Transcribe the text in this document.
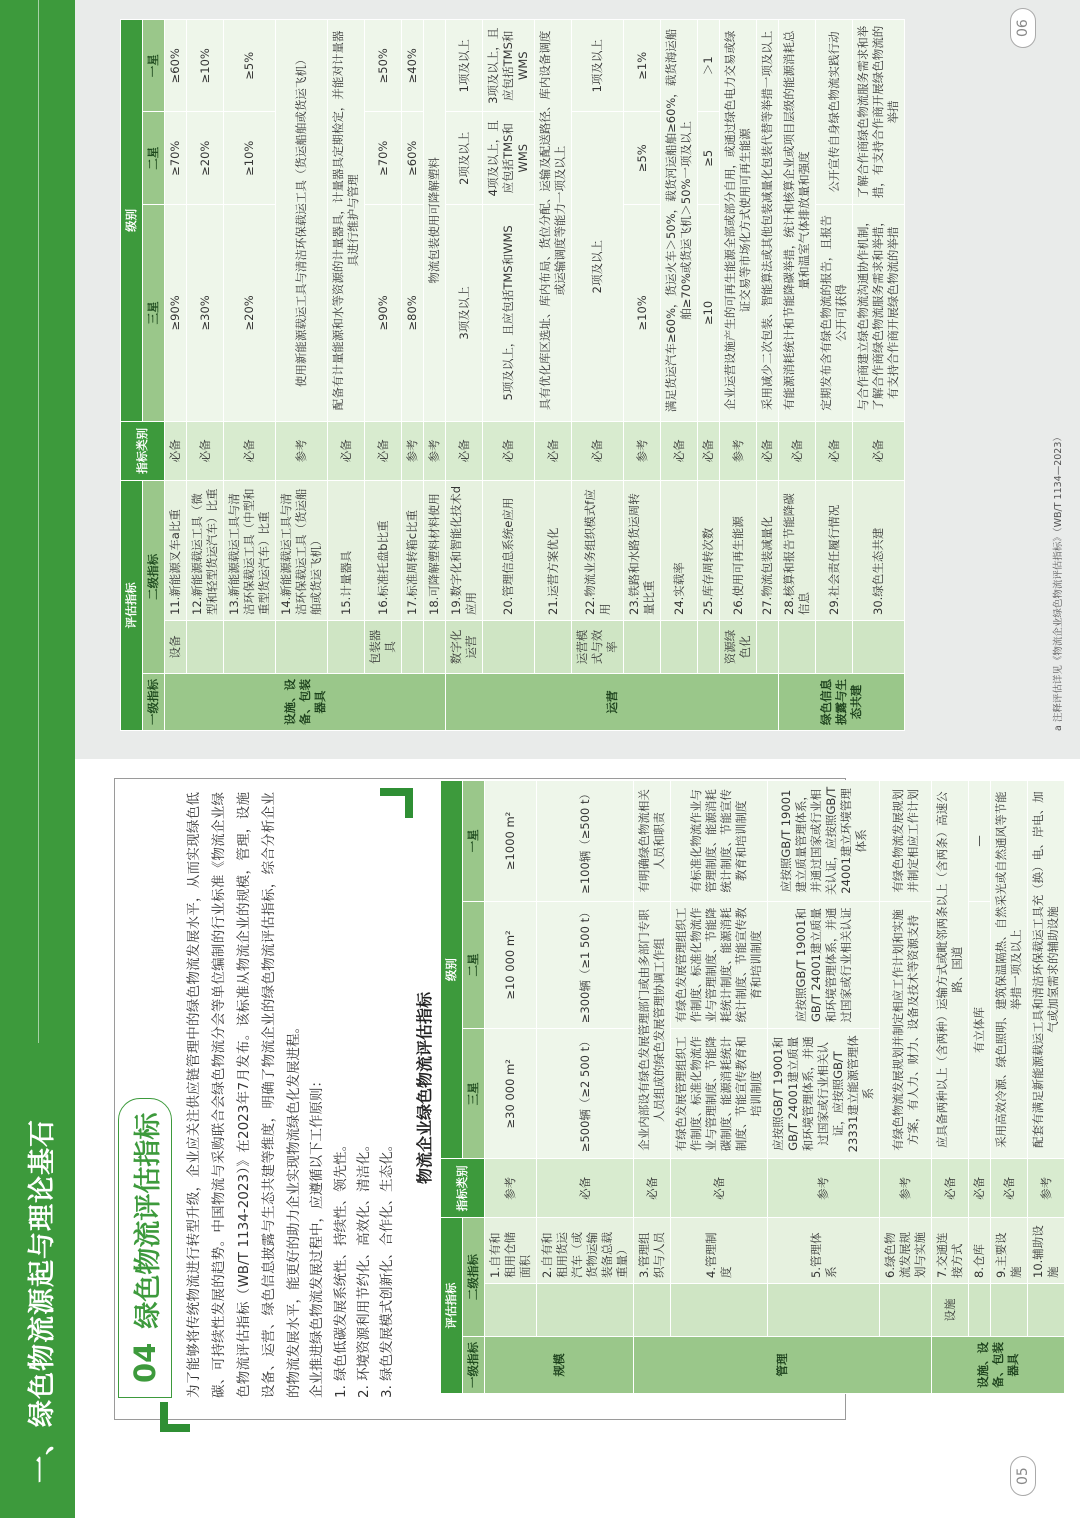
一、绿色物流源起与理论基石 04
绿色物流评估指标 为了能够将传统物流进行转型升级，企业应关注供应链管理中的绿色物流发展水平，从而实现绿色低碳、可持续性发展的趋势。中国物流与采购联合会绿色物流分会等单位编制的行业标准《物流企业绿色物流评估指标（WB/T 1134-2023）》在2023年7月发布。该标准从物流企业的规模，管理，设施设备、运营、绿色信息披露与生态共建等维度，明确了物流企业的绿色物流评估指标，综合分析企业的物流发展水平，能更好的助力企业实现物流绿色化发展进程。 企业推进绿色物流发展过程中，应遵循以下工作原则： 1. 绿色低碳发展系统性、持续性、领先性。 2. 环境资源利用节约化、高效化、清洁化。 3. 绿色发展模式创新化、合作化、生态化。
物流企业绿色物流评估指标
评估指标			指标类别	级别		
一级指标	二级指标			三星	二星	一星
规模		1.自有和租用仓储面积	参考	≥30 000 m²	≥10 000 m²	≥1000 m²
		2.自有和租用货运汽车（或货物运输装备总载重量）	必备	≥500辆（≥2 500 t）	≥300辆（≥1 500 t）	≥100辆（≥500 t）
管理		3.管理组织与人员	必备	企业内部设有绿色发展管理部门或由多部门专职人员组成的绿色发展管理协调工作组		有明确绿色物流相关人员和职责
		4.管理制度	必备	有绿色发展管理组织工作制度、标准化物流作业与管理制度、节能降碳制度、能源消耗统计制度、节能宣传教育和培训制度	有绿色发展管理组织工作制度、标准化物流作业与管理制度、节能降耗统计制度、能源消耗统计制度、节能宣传教育和培训制度	有标准化物流作业与管理制度、能源消耗统计制度、节能宣传教育和培训制度
		5.管理体系	参考	应按照GB/T 19001和GB/T 24001建立质量和环境管理体系，并通过国家或行业相关认证，应按照GB/T 23331建立能源管理体系	应按照GB/T 19001和GB/T 24001建立质量和环境管理体系，并通过国家或行业相关认证	应按照GB/T 19001建立质量管理体系，并通过国家或行业相关认证，应按照GB/T 24001建立环境管理体系
		6.绿色物流发展规划与实施	参考	有绿色物流发展规划并制定相应工作计划和实施方案，有人力、财力、设备及技术等资源支持		有绿色物流发展规划并制定相应工作计划
设施、设备、包装器具	设施	7.交通连接方式	必备	应具备两种以上（含两种）运输方式或毗邻两条以上（含两条）高速公路、国道		
		8.仓库	必备	有立体库		—
		9.主要设施	必备	采用高效冷源、绿色照明、建筑保温隔热、自然采光或自然通风等节能举措一项及以上		
		10.辅助设施	参考	配套有满足新能源载运工具和清洁环保载运工具充（换）电、岸电、加气或加氢需求的辅助设施		
评估指标			指标类别	级别		
一级指标	二级指标			三星	二星	一星
设施、设备、包装器具	设备	11.新能源叉车a比重	必备	≥90%	≥70%	≥60%
		12.新能源载运工具（微型和轻型货运汽车）比重	必备	≥30%	≥20%	≥10%
		13.新能源载运工具与清洁环保载运工具（中型和重型货运汽车）比重	必备	≥20%	≥10%	≥5%
		14.新能源载运工具与清洁环保载运工具（货运船舶或货运飞机）	参考	使用新能源载运工具与清洁环保载运工具（货运船舶或货运飞机）		
		15.计量器具	必备	配备有计量能源和水等资源的计量器具，计量器具定期检定，并能对计量器具进行维护与管理		
	包装器具	16.标准托盘b比重	必备	≥90%	≥70%	≥50%
		17.标准周转箱c比重	参考	≥80%	≥60%	≥40%
		18.可降解塑料材料使用	参考	物流包装使用可降解塑料		
运营	数字化运营	19.数字化和智能化技术d应用	必备	3项及以上	2项及以上	1项及以上
		20.管理信息系统e应用	必备	5项及以上，且应包括TMS和WMS	4项及以上，且应包括TMS和WMS	3项及以上，且应包括TMS和WMS
		21.运营方案优化	必备	具有优化库区选址、库内布局、货位分配、运输及配送路径、库内设备调度或运输调度等能力一项及以上		
	运营模式与效率	22.物流业务组织模式f应用	必备	2项及以上		1项及以上
		23.铁路和水路货运周转量比重	参考	≥10%	≥5%	≥1%
		24.实载率	必备	满足货运汽车≥60%，货运火车＞50%，载货河运船舶≥60%，载货海运船舶≥70%或货运飞机＞50%一项及以上		
		25.库存周转次数	必备	≥10	≥5	＞1
	资源绿色化	26.使用可再生能源	参考	企业运营设施产生的可再生能源全部或部分自用，或通过绿色电力交易或绿证交易等市场化方式使用可再生能源		
		27.物流包装减量化	必备	采用减少二次包装、智能算法或其他包装减量化包装代替等举措一项及以上		
绿色信息披露与生态共建		28.核算和报告节能降碳信息	必备	有能源消耗统计和节能降碳举措，统计和核算企业或项目层级的能源消耗总量和温室气体排放量和强度		
		29.社会责任履行情况	必备	定期发布含有绿色物流的报告，且报告公开可获得	公开宣传自身绿色物流实践行动	
		30.绿色生态共建	必备	与合作商建立绿色物流沟通协作机制，了解合作商绿色物流服务需求和举措，有支持合作商开展绿色物流的举措	了解合作商绿色物流服务需求和举措，有支持合作商开展绿色物流的举措	
a 注释评估详见《物流企业绿色物流评估指标》（WB/T 1134—2023）
05
06
